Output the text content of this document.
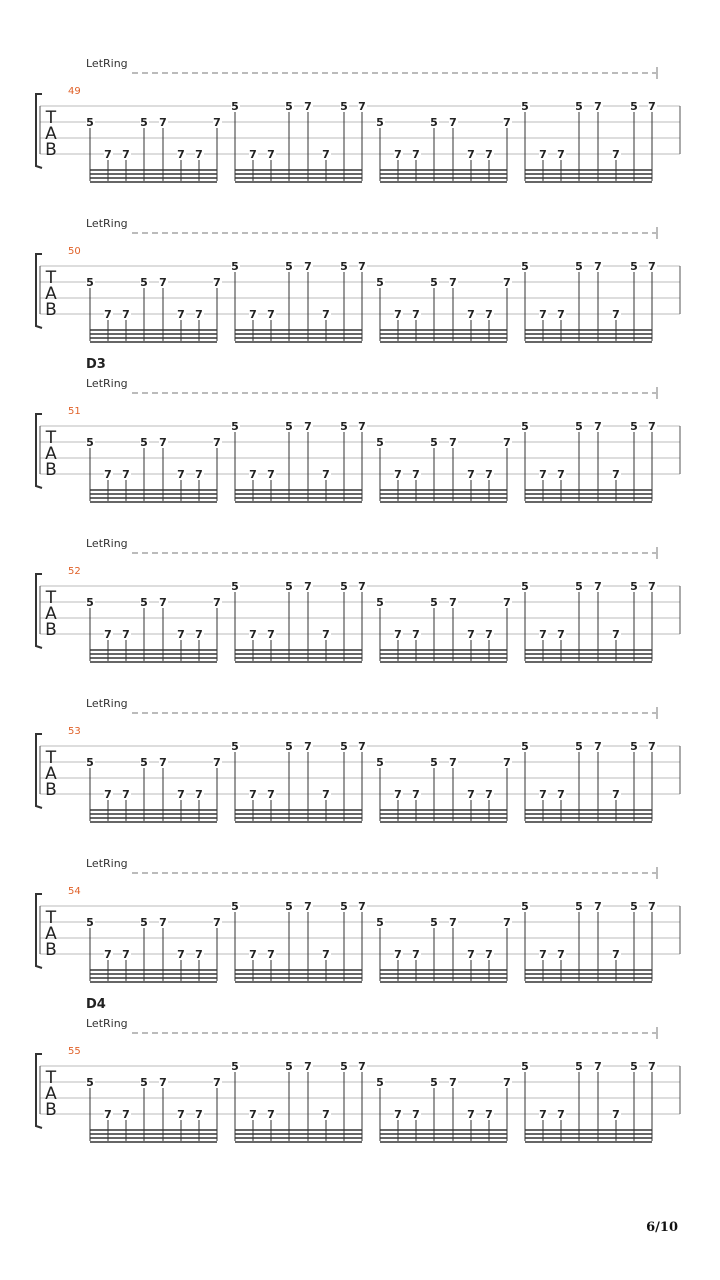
LetRing
49
T
A
B
5
7 7
5 7
7 7
7
5
7 7
5 7
7
5 7
5
7 7
5 7
7 7
7
5
7 7
5 7
7
5 7
LetRing
50
T
A
B
5
7 7
5 7
7 7
7
5
7 7
5 7
7
5 7
5
7 7
5 7
7 7
7
5
7 7
5 7
7
5 7
D3
LetRing
51
T
A
B
5
7 7
5 7
7 7
7
5
7 7
5 7
7
5 7
5
7 7
5 7
7 7
7
5
7 7
5 7
7
5 7
LetRing
52
T
A
B
5
7 7
5 7
7 7
7
5
7 7
5 7
7
5 7
5
7 7
5 7
7 7
7
5
7 7
5 7
7
5 7
LetRing
53
T
A
B
5
7 7
5 7
7 7
7
5
7 7
5 7
7
5 7
5
7 7
5 7
7 7
7
5
7 7
5 7
7
5 7
LetRing
54
T
A
B
5
7 7
5 7
7 7
7
5
7 7
5 7
7
5 7
5
7 7
5 7
7 7
7
5
7 7
5 7
7
5 7
D4
LetRing
55
T
A
B
5
7 7
5 7
7 7
7
5
7 7
5 7
7
5 7
5
7 7
5 7
7 7
7
5
7 7
5 7
7
5 7
6/10
